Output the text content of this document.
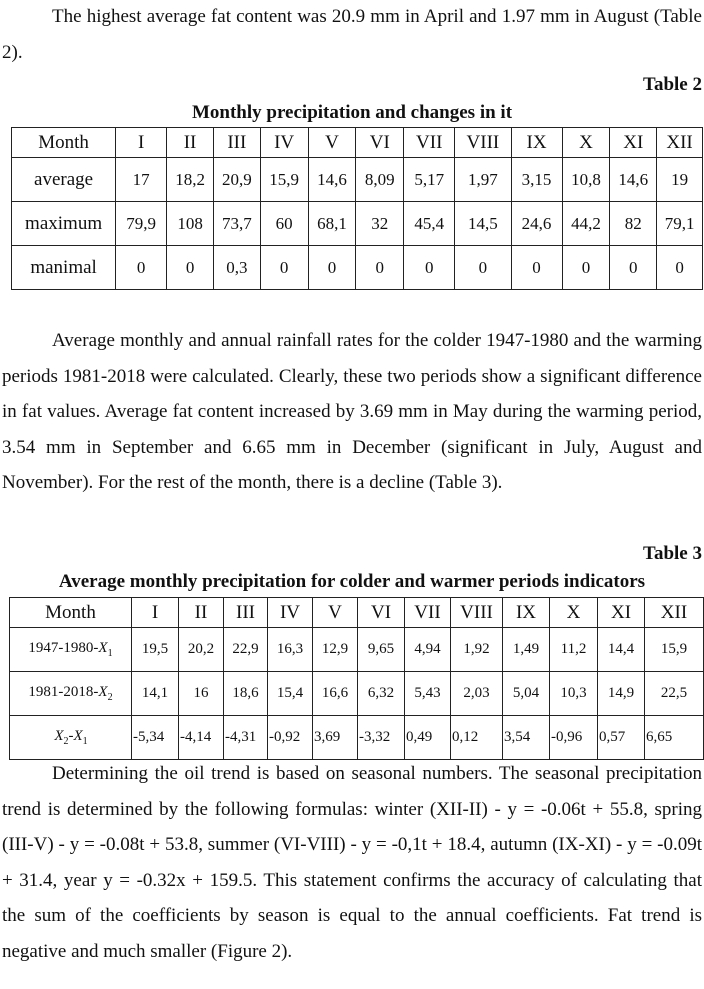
The highest average fat content was 20.9 mm in April and 1.97 mm in August (Table 2).

Table 2

Monthly precipitation and changes in it

Month	I	II	III	IV	V	VI	VII	VIII	IX	X	XI	XII
average	17	18,2	20,9	15,9	14,6	8,09	5,17	1,97	3,15	10,8	14,6	19
maximum	79,9	108	73,7	60	68,1	32	45,4	14,5	24,6	44,2	82	79,1
manimal	0	0	0,3	0	0	0	0	0	0	0	0	0

Average monthly and annual rainfall rates for the colder 1947-1980 and the warming periods 1981-2018 were calculated. Clearly, these two periods show a significant difference in fat values. Average fat content increased by 3.69 mm in May during the warming period, 3.54 mm in September and 6.65 mm in December (significant in July, August and November). For the rest of the month, there is a decline (Table 3).

Table 3

Average monthly precipitation for colder and warmer periods indicators

Month	I	II	III	IV	V	VI	VII	VIII	IX	X	XI	XII
$1947-1980-X_1$	19,5	20,2	22,9	16,3	12,9	9,65	4,94	1,92	1,49	11,2	14,4	15,9
$1981-2018-X_2$	14,1	16	18,6	15,4	16,6	6,32	5,43	2,03	5,04	10,3	14,9	22,5
$X_2-X_1$	-5,34	-4,14	-4,31	-0,92	3,69	-3,32	0,49	0,12	3,54	-0,96	0,57	6,65

Determining the oil trend is based on seasonal numbers. The seasonal precipitation trend is determined by the following formulas: winter (XII-II) - y = -0.06t + 55.8, spring (III-V) - y = -0.08t + 53.8, summer (VI-VIII) - y = -0,1t + 18.4, autumn (IX-XI) - y = -0.09t + 31.4, year y = -0.32x + 159.5. This statement confirms the accuracy of calculating that the sum of the coefficients by season is equal to the annual coefficients. Fat trend is negative and much smaller (Figure 2).
